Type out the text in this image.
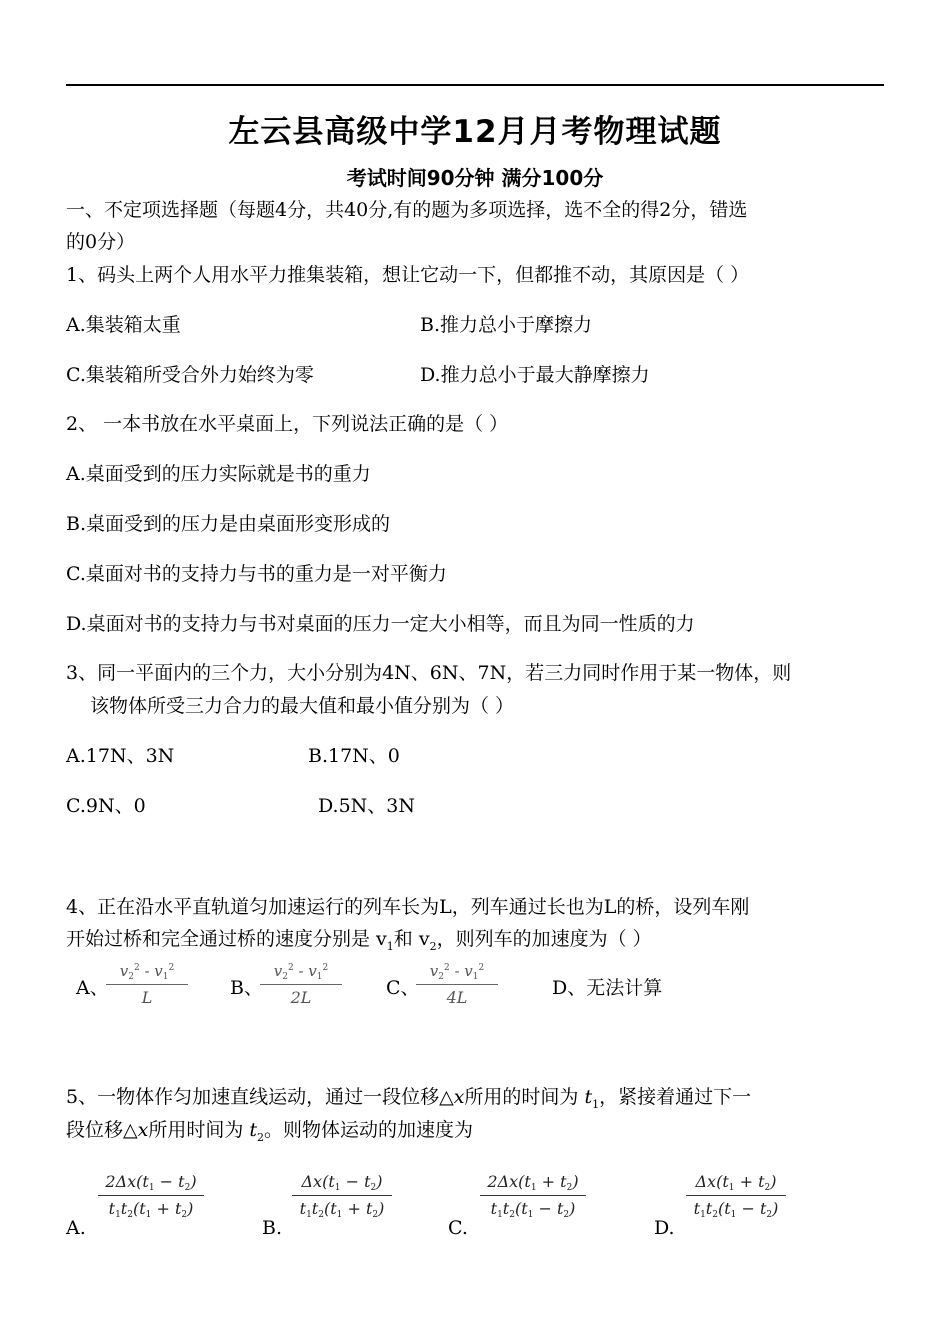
左云县高级中学12月月考物理试题
考试时间90分钟 满分100分
一、不定项选择题（每题4分，共40分,有的题为多项选择，选不全的得2分，错选
的0分）
1、码头上两个人用水平力推集装箱，想让它动一下，但都推不动，其原因是（ ）
A.集装箱太重	B.推力总小于摩擦力
C.集装箱所受合外力始终为零	D.推力总小于最大静摩擦力
2、 一本书放在水平桌面上，下列说法正确的是（ ）
A.桌面受到的压力实际就是书的重力
B.桌面受到的压力是由桌面形变形成的
C.桌面对书的支持力与书的重力是一对平衡力
D.桌面对书的支持力与书对桌面的压力一定大小相等，而且为同一性质的力
3、同一平面内的三个力，大小分别为4N、6N、7N，若三力同时作用于某一物体，则
该物体所受三力合力的最大值和最小值分别为（ ）
A.17N、3N	B.17N、0
C.9N、0	D.5N、3N
4、正在沿水平直轨道匀加速运行的列车长为L，列车通过长也为L的桥，设列车刚
开始过桥和完全通过桥的速度分别是 $v_1$和 $v_2$，则列车的加速度为（ ）
A、
$\frac{v_2^2 - v_1^2}{L}$ B、
$\frac{v_2^2 - v_1^2}{2L}$ C、
$\frac{v_2^2 - v_1^2}{4L}$	D、无法计算
5、一物体作匀加速直线运动，通过一段位移△x所用的时间为 $t_1$，紧接着通过下一
段位移△x所用时间为 $t_2$。则物体运动的加速度为
A.
$\frac{2\Delta x(t_1 - t_2)}{t_1t_2(t_1 + t_2)}$
B.
$\frac{\Delta x(t_1 - t_2)}{t_1t_2(t_1 + t_2)}$
C.
$\frac{2\Delta x(t_1 + t_2)}{t_1t_2(t_1 - t_2)}$
D.
$\frac{\Delta x(t_1 + t_2)}{t_1t_2(t_1 - t_2)}$
